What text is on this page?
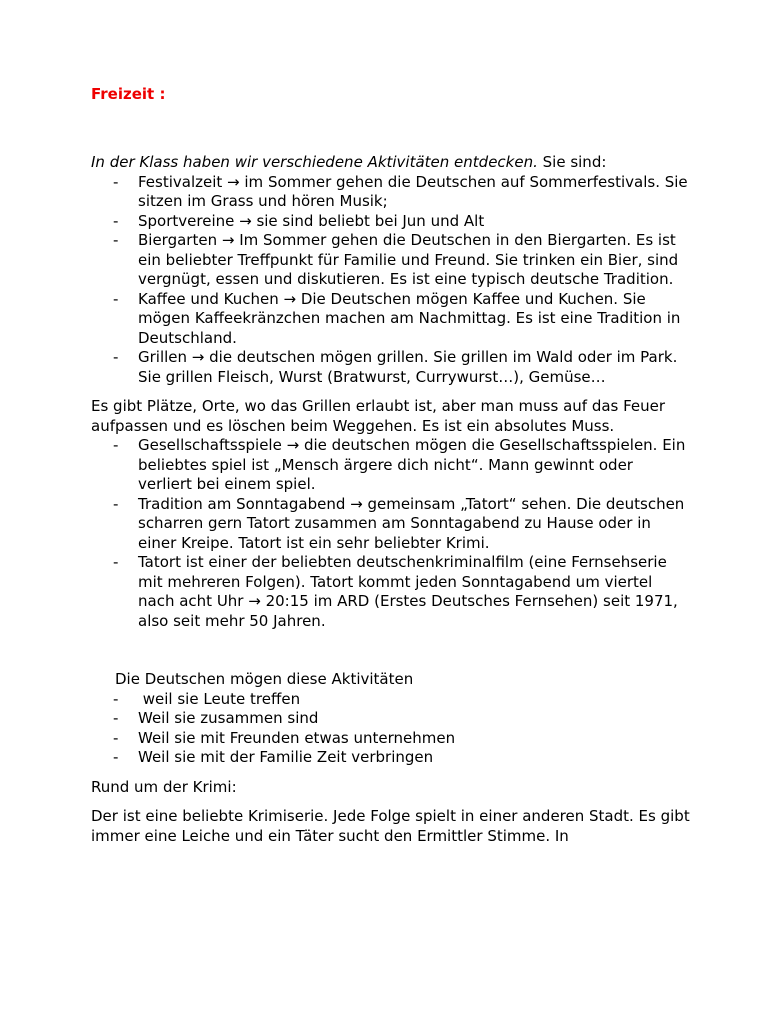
Freizeit :

In der Klass haben wir verschiedene Aktivitäten entdecken. Sie sind:

- Festivalzeit → im Sommer gehen die Deutschen auf Sommerfestivals. Sie sitzen im Grass und hören Musik;
- Sportvereine → sie sind beliebt bei Jun und Alt
- Biergarten → Im Sommer gehen die Deutschen in den Biergarten. Es ist ein beliebter Treffpunkt für Familie und Freund. Sie trinken ein Bier, sind vergnügt, essen und diskutieren. Es ist eine typisch deutsche Tradition.
- Kaffee und Kuchen → Die Deutschen mögen Kaffee und Kuchen. Sie mögen Kaffeekränzchen machen am Nachmittag. Es ist eine Tradition in Deutschland.
- Grillen → die deutschen mögen grillen. Sie grillen im Wald oder im Park. Sie grillen Fleisch, Wurst (Bratwurst, Currywurst…), Gemüse…

Es gibt Plätze, Orte, wo das Grillen erlaubt ist, aber man muss auf das Feuer aufpassen und es löschen beim Weggehen. Es ist ein absolutes Muss.

- Gesellschaftsspiele → die deutschen mögen die Gesellschaftsspielen. Ein beliebtes spiel ist „Mensch ärgere dich nicht“. Mann gewinnt oder verliert bei einem spiel.
- Tradition am Sonntagabend → gemeinsam „Tatort“ sehen. Die deutschen scharren gern Tatort zusammen am Sonntagabend zu Hause oder in einer Kreipe. Tatort ist ein sehr beliebter Krimi.
- Tatort ist einer der beliebten deutschenkriminalfilm (eine Fernsehserie mit mehreren Folgen). Tatort kommt jeden Sonntagabend um viertel nach acht Uhr → 20:15 im ARD (Erstes Deutsches Fernsehen) seit 1971, also seit mehr 50 Jahren.

Die Deutschen mögen diese Aktivitäten

- weil sie Leute treffen
- Weil sie zusammen sind
- Weil sie mit Freunden etwas unternehmen
- Weil sie mit der Familie Zeit verbringen

Rund um der Krimi:

Der ist eine beliebte Krimiserie. Jede Folge spielt in einer anderen Stadt. Es gibt immer eine Leiche und ein Täter sucht den Ermittler Stimme. In
